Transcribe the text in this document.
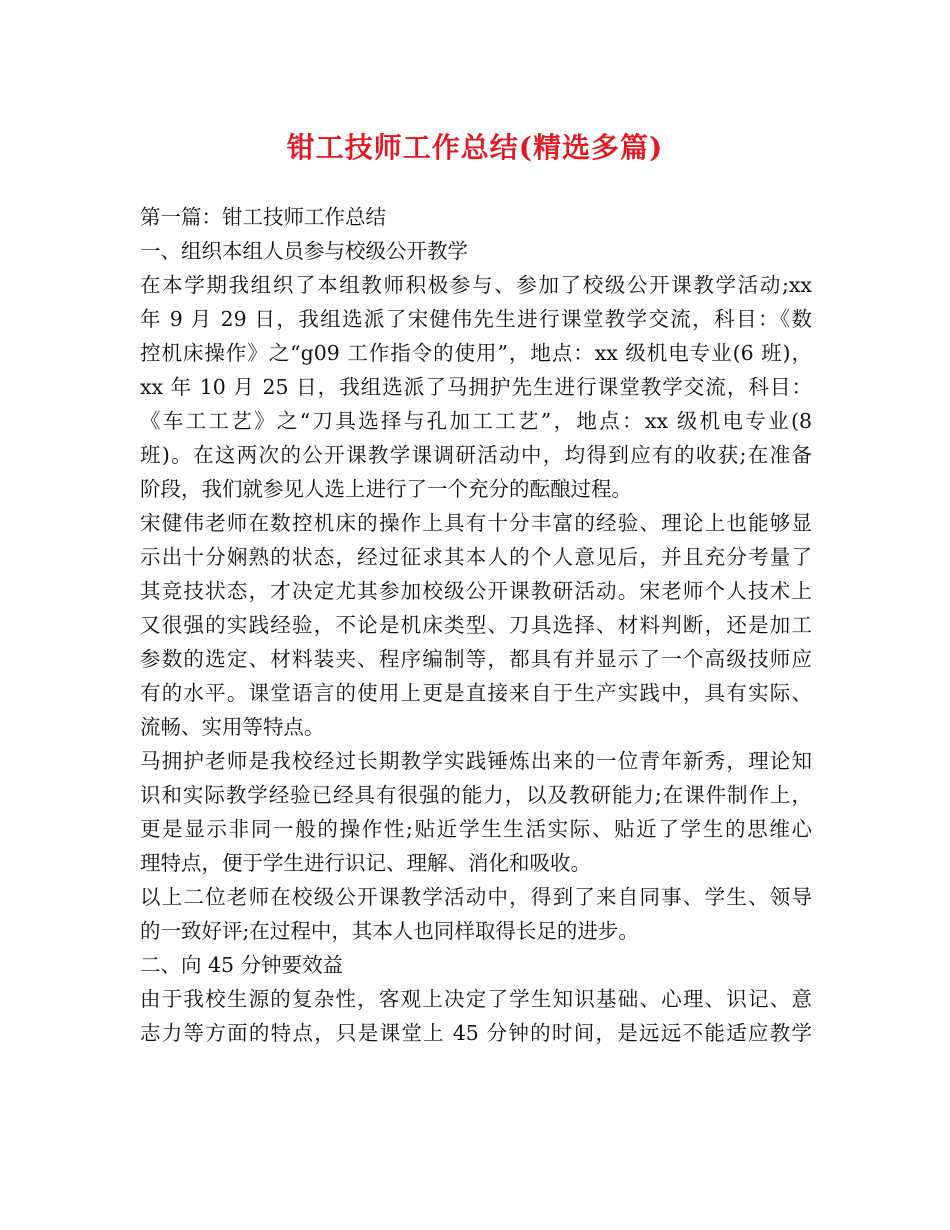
钳工技师工作总结(精选多篇)
第一篇：钳工技师工作总结
一、组织本组人员参与校级公开教学
在本学期我组织了本组教师积极参与、参加了校级公开课教学活动;xx
年 9 月 29 日，我组选派了宋健伟先生进行课堂教学交流，科目：《数
控机床操作》之“g09 工作指令的使用”，地点：xx 级机电专业(6 班)，
xx 年 10 月 25 日，我组选派了马拥护先生进行课堂教学交流，科目：
《车工工艺》之“刀具选择与孔加工工艺”，地点：xx 级机电专业(8
班)。在这两次的公开课教学课调研活动中，均得到应有的收获;在准备
阶段，我们就参见人选上进行了一个充分的酝酿过程。
宋健伟老师在数控机床的操作上具有十分丰富的经验、理论上也能够显
示出十分娴熟的状态，经过征求其本人的个人意见后，并且充分考量了
其竞技状态，才决定尤其参加校级公开课教研活动。宋老师个人技术上
又很强的实践经验，不论是机床类型、刀具选择、材料判断，还是加工
参数的选定、材料装夹、程序编制等，都具有并显示了一个高级技师应
有的水平。课堂语言的使用上更是直接来自于生产实践中，具有实际、
流畅、实用等特点。
马拥护老师是我校经过长期教学实践锤炼出来的一位青年新秀，理论知
识和实际教学经验已经具有很强的能力，以及教研能力;在课件制作上，
更是显示非同一般的操作性;贴近学生生活实际、贴近了学生的思维心
理特点，便于学生进行识记、理解、消化和吸收。
以上二位老师在校级公开课教学活动中，得到了来自同事、学生、领导
的一致好评;在过程中，其本人也同样取得长足的进步。
二、向 45 分钟要效益
由于我校生源的复杂性，客观上决定了学生知识基础、心理、识记、意
志力等方面的特点，只是课堂上 45 分钟的时间，是远远不能适应教学
